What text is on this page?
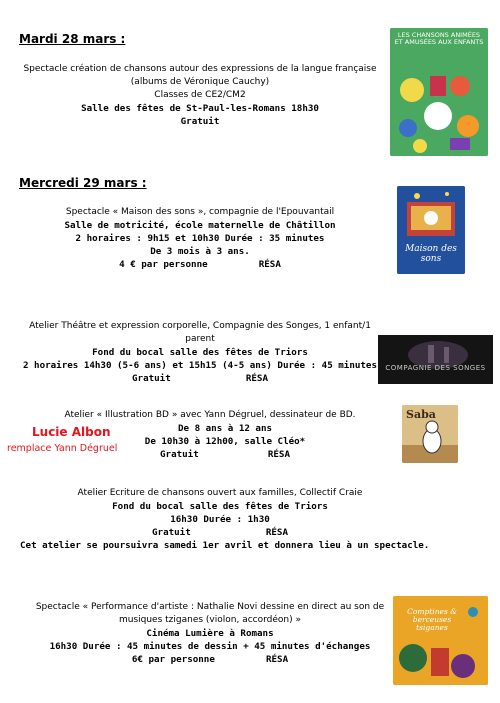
Mardi 28 mars :
Mercredi 29 mars :
Spectacle création de chansons autour des expressions de la langue française
(albums de Véronique Cauchy)
Classes de CE2/CM2
Salle des fêtes de St-Paul-les-Romans 18h30
Gratuit
Spectacle « Maison des sons », compagnie de l'Epouvantail
Salle de motricité, école maternelle de Châtillon
2 horaires : 9h15 et 10h30 Durée : 35 minutes
De 3 mois à 3 ans.
4 € par personne	RÉSA
Atelier Théâtre et expression corporelle, Compagnie des Songes, 1 enfant/1
parent
Fond du bocal salle des fêtes de Triors
2 horaires 14h30 (5-6 ans) et 15h15 (4-5 ans) Durée : 45 minutes
Gratuit	RÉSA
Lucie Albon
remplace Yann Dégruel
Atelier « Illustration BD » avec Yann Dégruel, dessinateur de BD.
De 8 ans à 12 ans
De 10h30 à 12h00, salle Cléo*
Gratuit	RÉSA
Atelier Ecriture de chansons ouvert aux familles, Collectif Craie
Fond du bocal salle des fêtes de Triors
16h30 Durée : 1h30
Gratuit	RÉSA
Cet atelier se poursuivra samedi 1er avril et donnera lieu à un spectacle.
Spectacle « Performance d'artiste : Nathalie Novi dessine en direct au son de
musiques tziganes (violon, accordéon) »
Cinéma Lumière à Romans
16h30 Durée : 45 minutes de dessin + 45 minutes d'échanges
6€ par personne	RÉSA
LES CHANSONS ANIMÉES ET AMUSÉES AUX ENFANTS
Maison des sons
COMPAGNIE DES SONGES
Saba
Comptines & berceuses tsiganes
